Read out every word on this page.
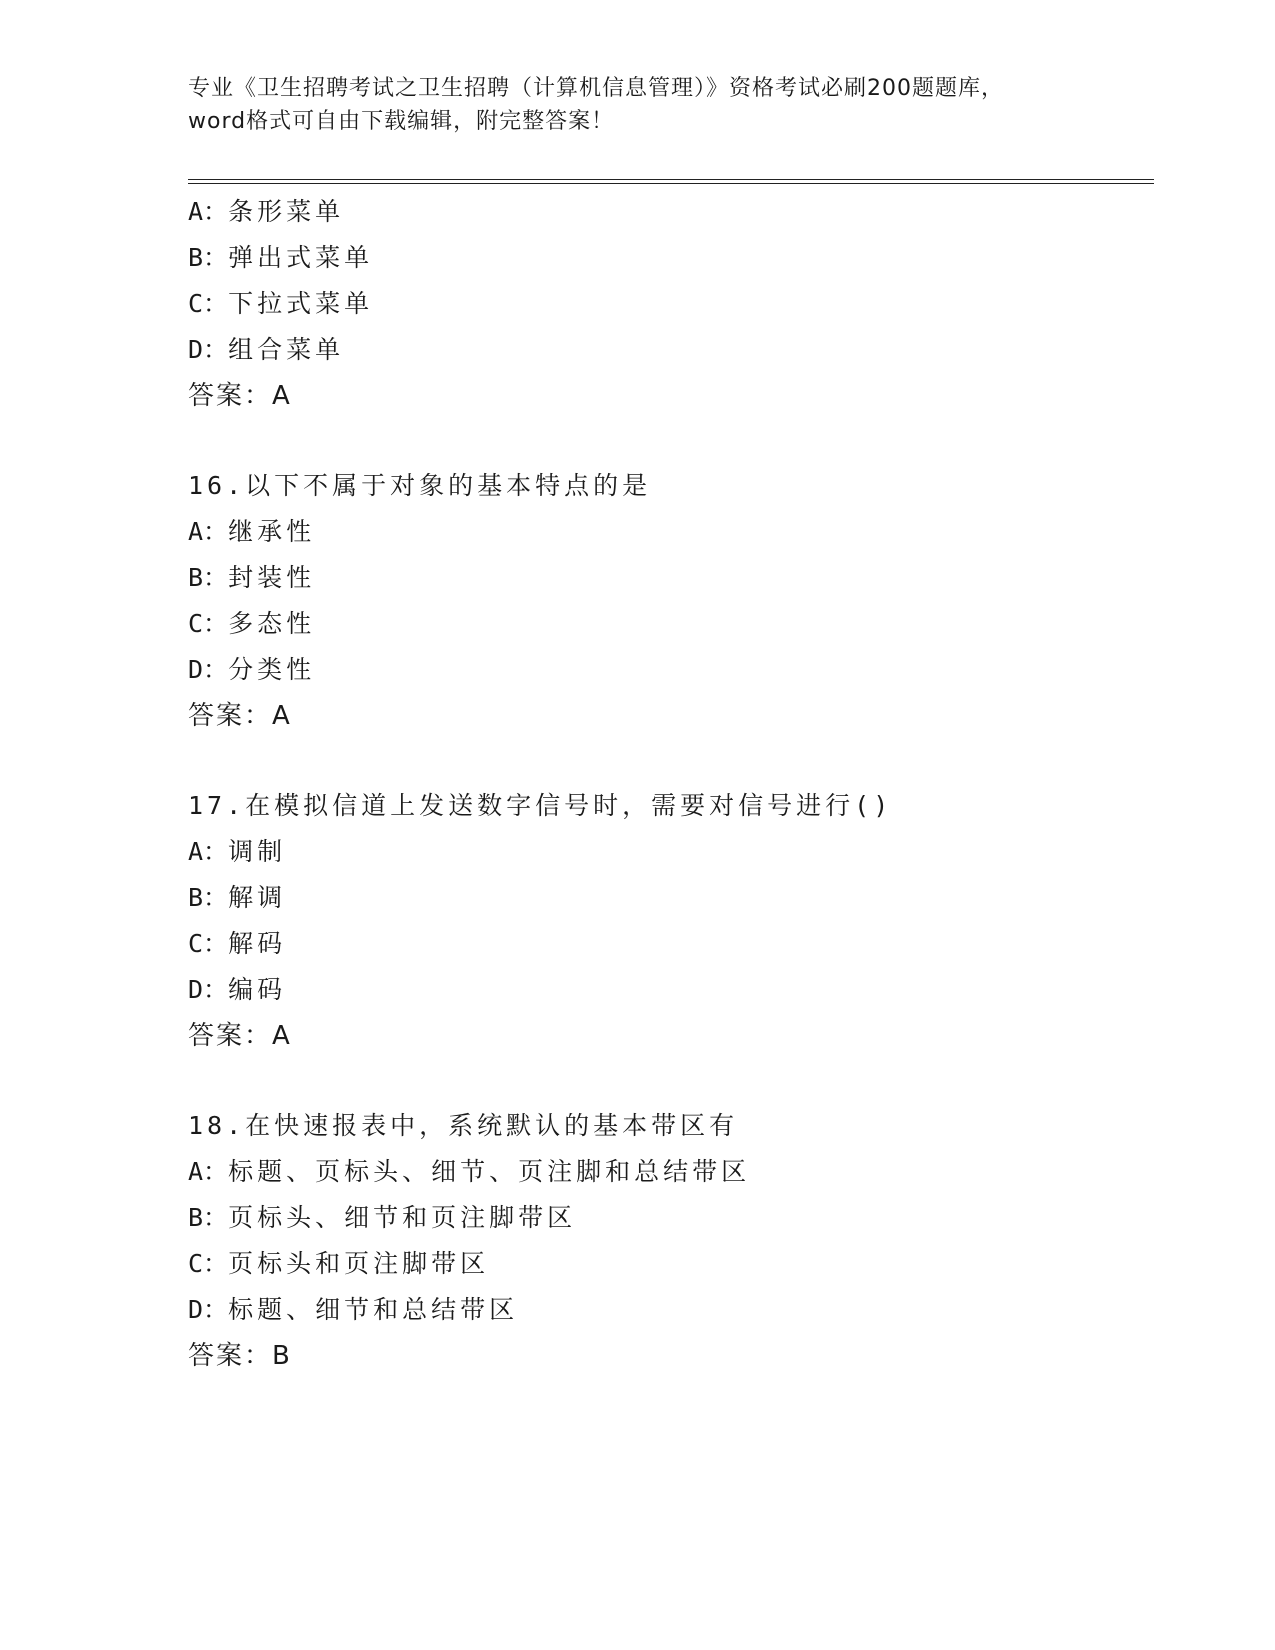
专业《卫生招聘考试之卫生招聘（计算机信息管理）》资格考试必刷200题题库，
word格式可自由下载编辑，附完整答案！
A：条形菜单
B：弹出式菜单
C：下拉式菜单
D：组合菜单
答案：A
16.以下不属于对象的基本特点的是
A：继承性
B：封装性
C：多态性
D：分类性
答案：A
17.在模拟信道上发送数字信号时，需要对信号进行()
A：调制
B：解调
C：解码
D：编码
答案：A
18.在快速报表中，系统默认的基本带区有
A：标题、页标头、细节、页注脚和总结带区
B：页标头、细节和页注脚带区
C：页标头和页注脚带区
D：标题、细节和总结带区
答案：B
